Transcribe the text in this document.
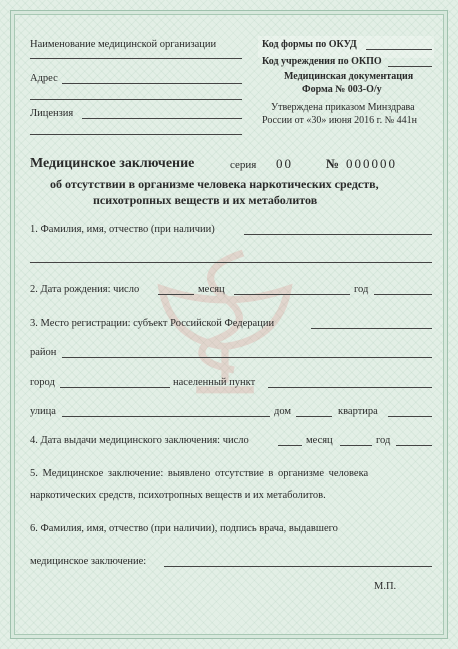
Наименование медицинской организации
Адрес
Лицензия
Код формы по ОКУД
Код учреждения по ОКПО
Медицинская документация
Форма № 003-О/у
Утверждена приказом Минздрава
России от «30» июня 2016 г. № 441н
Медицинское заключение	серия 00	№ 000000
об отсутствии в организме человека наркотических средств,
психотропных веществ и их метаболитов
1. Фамилия, имя, отчество (при наличии)
2. Дата рождения: число	месяц	год
3. Место регистрации: субъект Российской Федерации
район
город	населенный пункт
улица	дом	квартира
4. Дата выдачи медицинского заключения: число	месяц	год
5. Медицинское заключение: выявлено отсутствие в организме человека
наркотических средств, психотропных веществ и их метаболитов.
6. Фамилия, имя, отчество (при наличии), подпись врача, выдавшего
медицинское заключение:
М.П.
